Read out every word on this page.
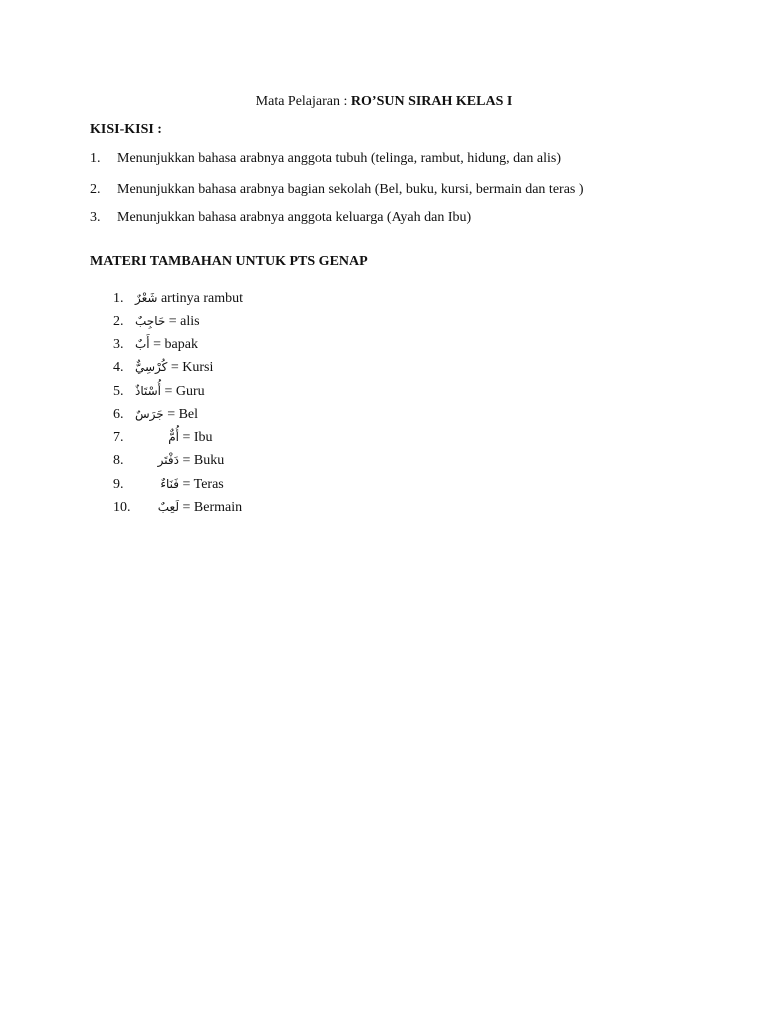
Mata Pelajaran : RO’SUN SIRAH KELAS I
KISI-KISI :
1. Menunjukkan bahasa arabnya anggota tubuh (telinga, rambut, hidung, dan alis)
2. Menunjukkan bahasa arabnya bagian sekolah (Bel, buku, kursi, bermain dan teras )
3. Menunjukkan bahasa arabnya anggota keluarga (Ayah dan Ibu)
MATERI TAMBAHAN UNTUK PTS GENAP
1. شَعْرٌ artinya rambut
2. حَاجِبٌ = alis
3. أَبٌ = bapak
4. كُرْسِيٌّ = Kursi
5. أُسْتَاذٌ = Guru
6. جَرَسٌ = Bel
7.	أُمٌّ = Ibu
8.	دَفْتَر = Buku
9.	فَنَاءٌ = Teras
10. لَعِبٌ = Bermain
